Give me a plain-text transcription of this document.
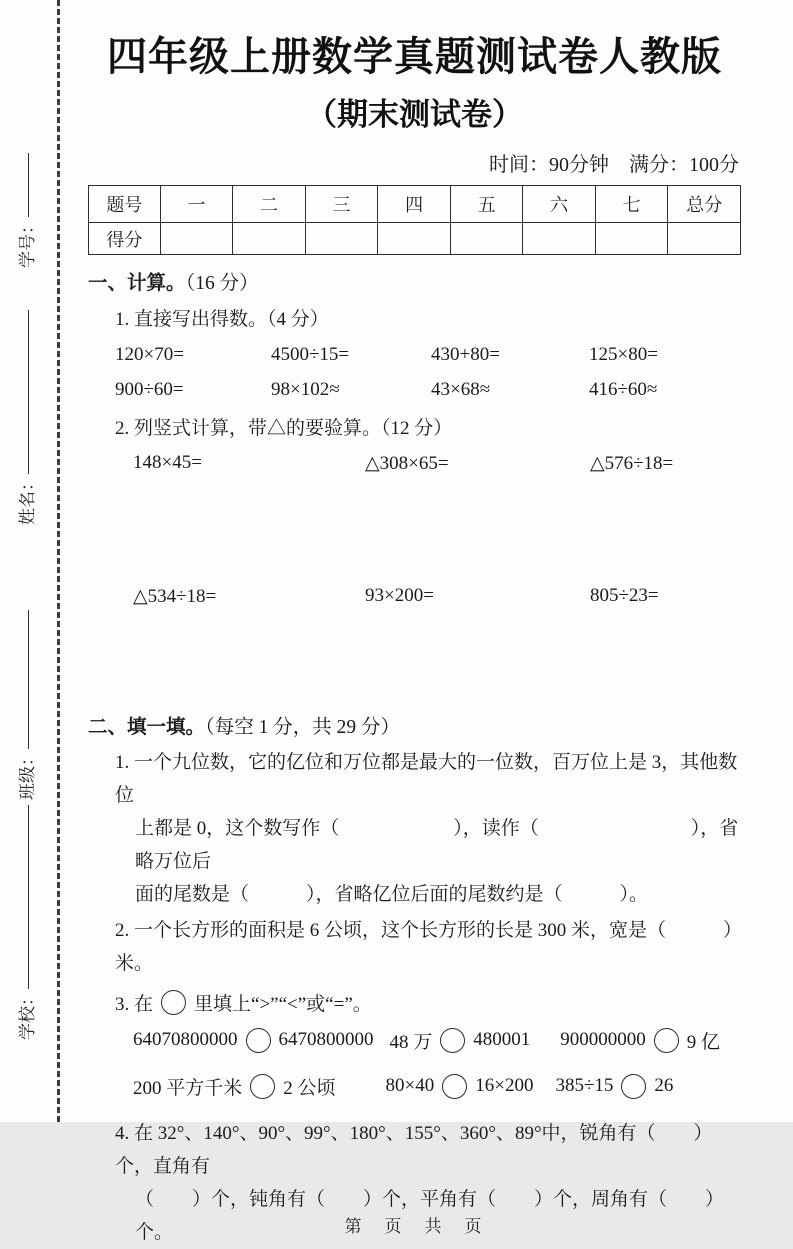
学号：
姓名：
班级：
学校：
四年级上册数学真题测试卷人教版
（期末测试卷）
时间：90分钟　满分：100分
题号	一	二	三	四	五	六	七	总分
得分								
一、计算。（16 分）
1. 直接写出得数。（4 分）
120×70=	4500÷15=	430+80=	125×80=
900÷60=	98×102≈	43×68≈	416÷60≈
2. 列竖式计算，带△的要验算。（12 分）
148×45=	△308×65=	△576÷18=
△534÷18=	93×200=	805÷23=
二、填一填。（每空 1 分，共 29 分）
1. 一个九位数，它的亿位和万位都是最大的一位数，百万位上是 3，其他数位
上都是 0，这个数写作（　　　　　　），读作（　　　　　　　　），省略万位后
面的尾数是（　　　），省略亿位后面的尾数约是（　　　）。
2. 一个长方形的面积是 6 公顷，这个长方形的长是 300 米，宽是（　　　）米。
3. 在 里填上“>”“<”或“=”。
64070800000 6470800000 48 万 480001 900000000 9 亿
200 平方千米 2 公顷	80×40 16×200 385÷15 26
4. 在 32°、140°、90°、99°、180°、155°、360°、89°中，锐角有（　　）个，直角有
（　　）个，钝角有（　　）个，平角有（　　）个，周角有（　　）个。	第　页　共　页
